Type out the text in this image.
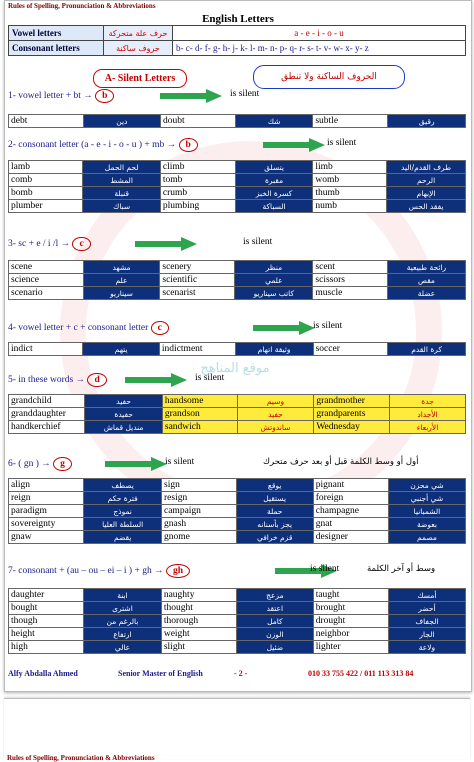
موقع المناهج
Rules of Spelling, Pronunciation & Abbreviations
English Letters
Vowel letters	حرف علة متحركة	a - e - i - o - u
Consonant letters	حروف ساكنة	b- c- d- f- g- h- j- k- l- m- n- p- q- r- s- t- v- w- x- y- z
A- Silent Letters	الحروف الساكنة ولا تنطق
1- vowel letter + bt → b	is silent
debt	دين	doubt	شك	subtle	رقيق
2- consonant letter (a - e - i - o - u ) + mb → b	is silent
lamb	لحم الحمل	climb	يتسلق	limb	طرف القدم/اليد
comb	المشط	tomb	مقبرة	womb	الرحم
bomb	قنبلة	crumb	كسرة الخبز	thumb	الإبهام
plumber	سباك	plumbing	السباكة	numb	يفقد الحس
3- sc + e / i /l → c	is silent
scene	مشهد	scenery	منظر	scent	رائحة طبيعية
science	علم	scientific	علمي	scissors	مقص
scenario	سيناريو	scenarist	كاتب سيناريو	muscle	عضلة
4- vowel letter + c + consonant letter c	is silent
indict	يتهم	indictment	وثيقة اتهام	soccer	كرة القدم
5- in these words → d	is silent
grandchild	حفيد	handsome	وسيم	grandmother	جدة
granddaughter	حفيدة	grandson	حفيد	grandparents	الأجداد
handkerchief	منديل قماش	sandwich	ساندوتش	Wednesday	الأربعاء
6- ( gn ) → g	is silent	أول أو وسط الكلمة قبل أو بعد حرف متحرك
align	يصطف	sign	يوقع	pignant	شي محزن
reign	فترة حكم	resign	يستقيل	foreign	شي أجنبي
paradigm	نموذج	campaign	حملة	champagne	الشمبانيا
sovereignty	السلطة العليا	gnash	يجز بأسنانه	gnat	بعوضة
gnaw	يقضم	gnome	قزم خرافي	designer	مصمم
7- consonant + (au – ou – ei – i ) + gh → gh	is silent	وسط أو آخر الكلمة
daughter	ابنة	naughty	مزعج	taught	أمسك
bought	اشترى	thought	اعتقد	brought	أحضر
though	بالرغم من	thorough	كامل	drought	الجفاف
height	ارتفاع	weight	الوزن	neighbor	الجار
high	عالي	slight	ضئيل	lighter	ولاعة
Alfy Abdalla Ahmed	Senior Master of English	- 2 -	010 33 755 422 / 011 113 313 84
Rules of Spelling, Pronunciation & Abbreviations
